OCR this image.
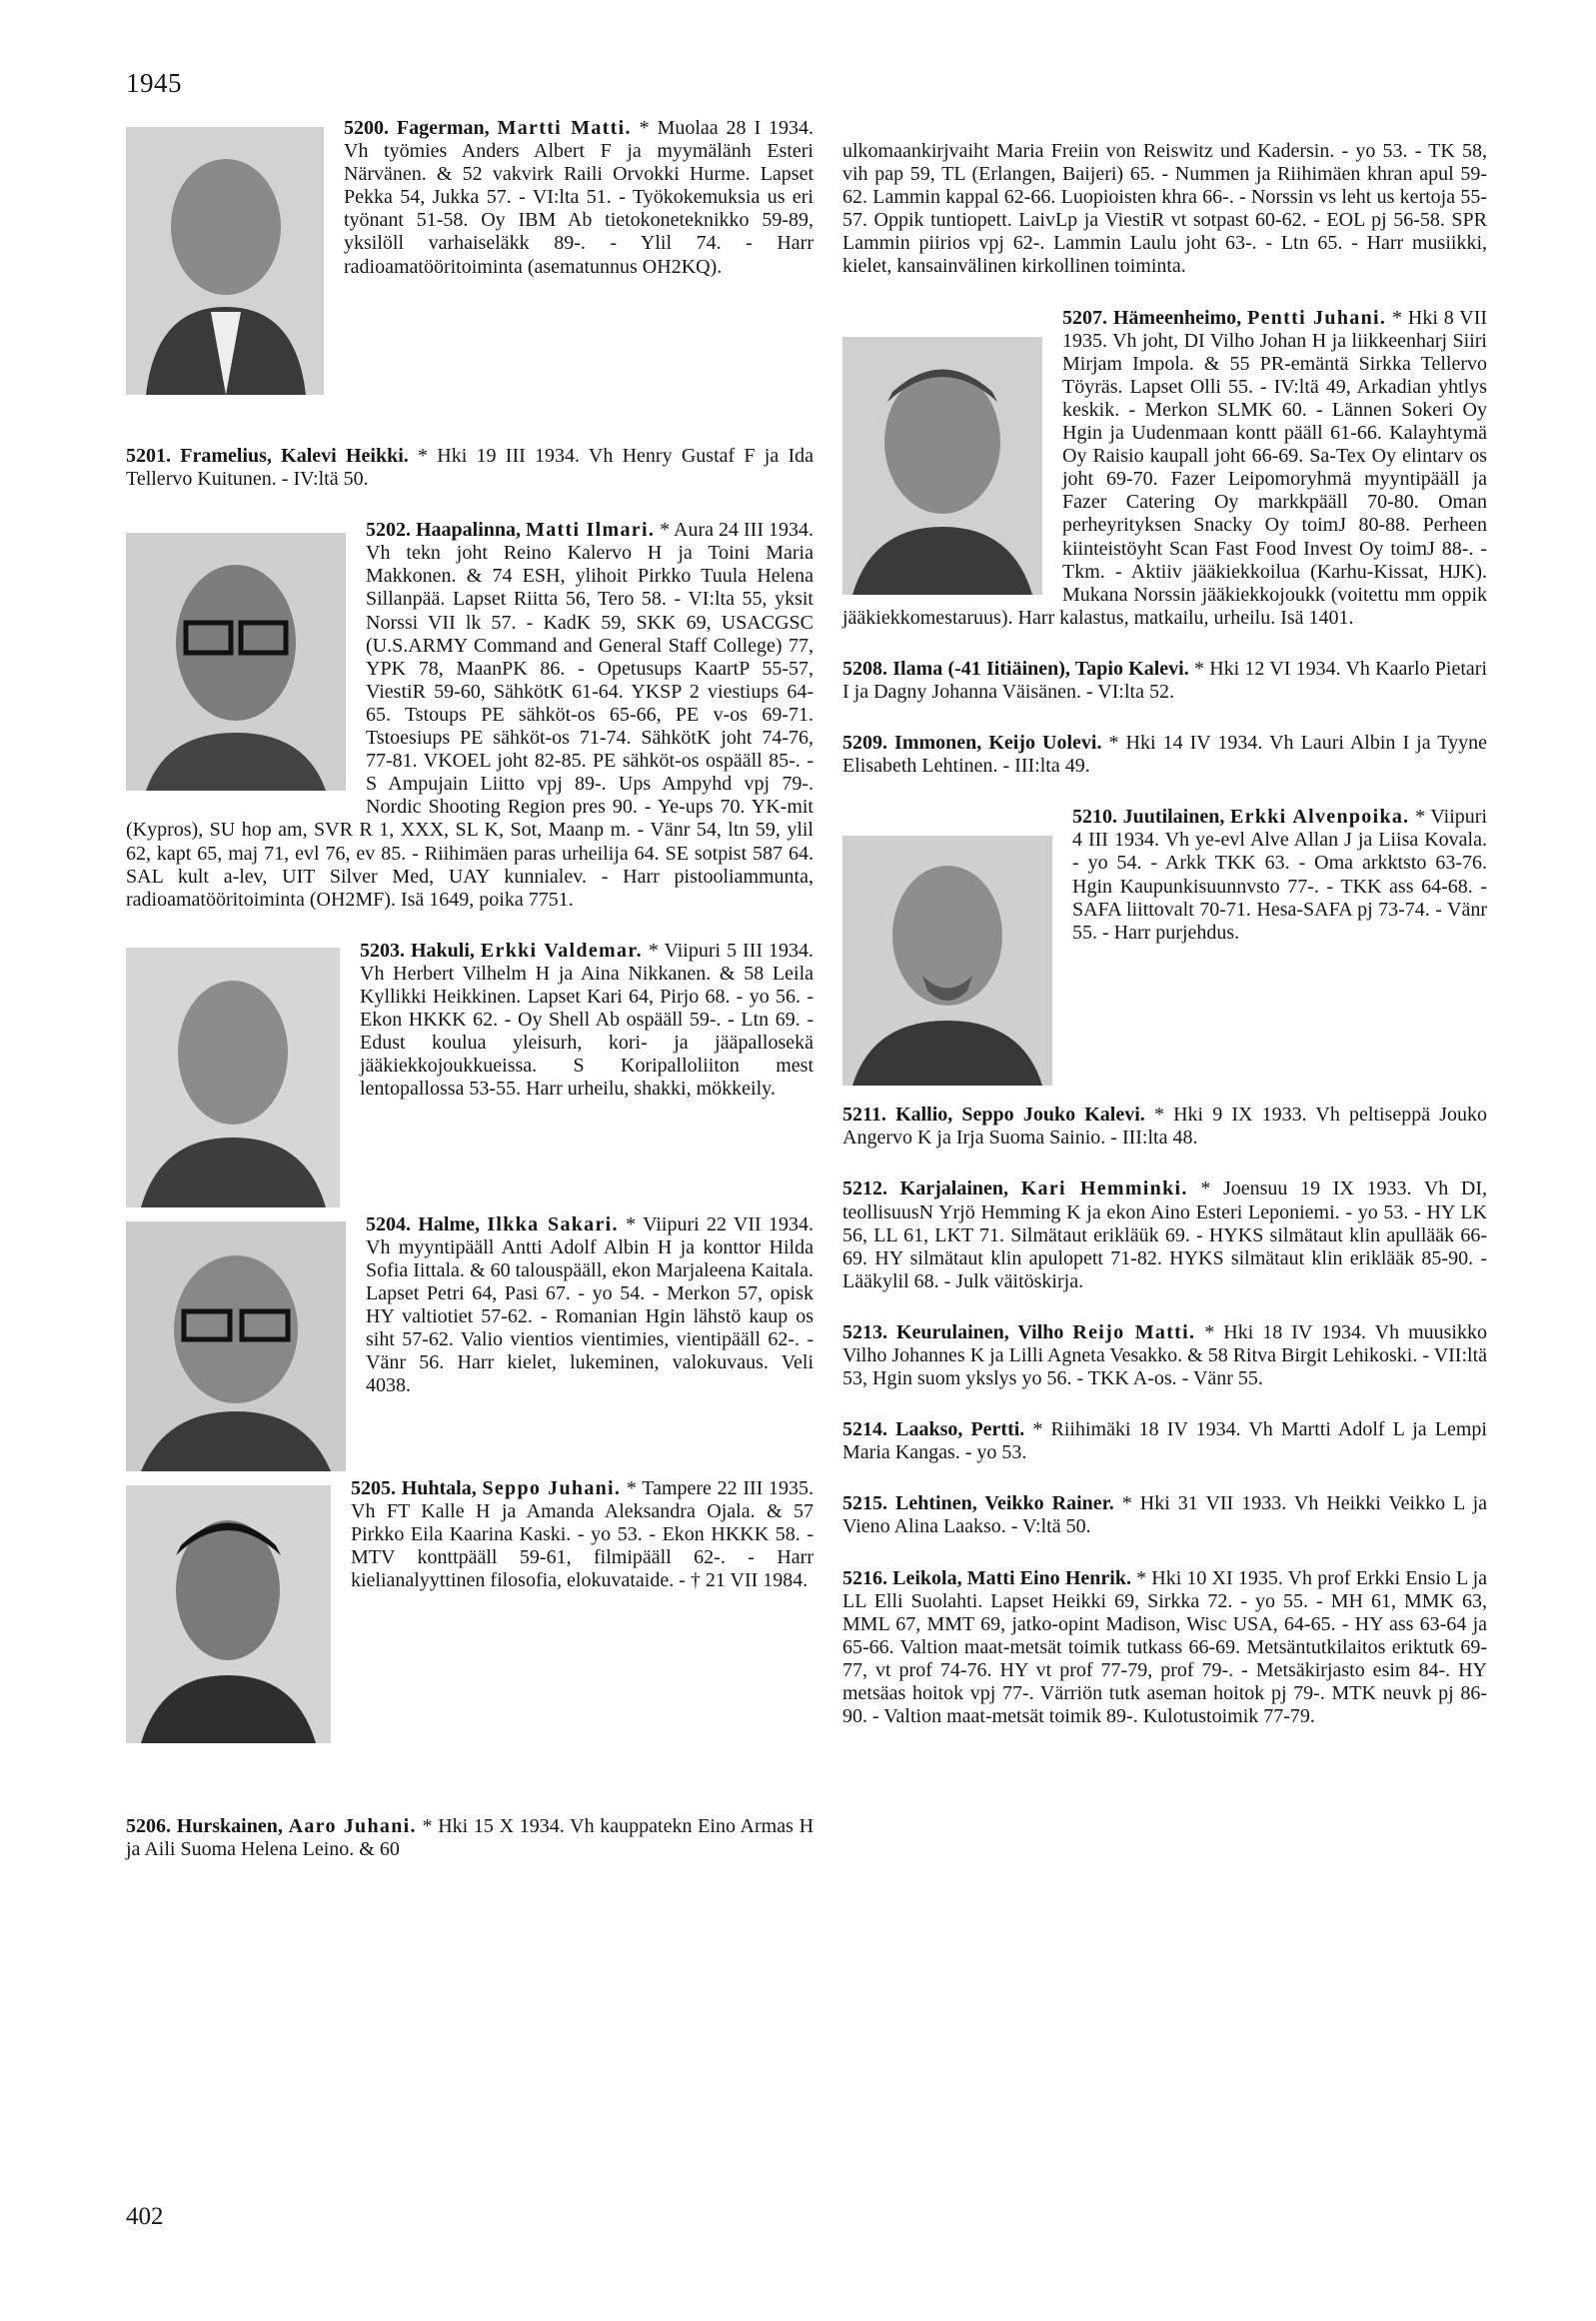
1945
5200. Fagerman, Martti Matti. * Muolaa 28 I 1934. Vh työmies Anders Albert F ja myymälänh Esteri Närvänen. & 52 vakvirk Raili Orvokki Hurme. Lapset Pekka 54, Jukka 57. - VI:lta 51. - Työkokemuksia us eri työnant 51-58. Oy IBM Ab tietokoneteknikko 59-89, yksilöll varhaiseläkk 89-. - Ylil 74. - Harr radioamatööritoiminta (asematunnus OH2KQ).
5201. Framelius, Kalevi Heikki. * Hki 19 III 1934. Vh Henry Gustaf F ja Ida Tellervo Kuitunen. - IV:ltä 50.
5202. Haapalinna, Matti Ilmari. * Aura 24 III 1934. Vh tekn joht Reino Kalervo H ja Toini Maria Makkonen. & 74 ESH, ylihoit Pirkko Tuula Helena Sillanpää. Lapset Riitta 56, Tero 58. - VI:lta 55, yksit Norssi VII lk 57. - KadK 59, SKK 69, USACGSC (U.S.ARMY Command and General Staff College) 77, YPK 78, MaanPK 86. - Opetusups KaartP 55-57, ViestiR 59-60, SähkötK 61-64. YKSP 2 viestiups 64-65. Tstoups PE sähköt-os 65-66, PE v-os 69-71. Tstoesiups PE sähköt-os 71-74. SähkötK joht 74-76, 77-81. VKOEL joht 82-85. PE sähköt-os ospääll 85-. - S Ampujain Liitto vpj 89-. Ups Ampyhd vpj 79-. Nordic Shooting Region pres 90. - Ye-ups 70. YK-mit (Kypros), SU hop am, SVR R 1, XXX, SL K, Sot, Maanp m. - Vänr 54, ltn 59, ylil 62, kapt 65, maj 71, evl 76, ev 85. - Riihimäen paras urheilija 64. SE sotpist 587 64. SAL kult a-lev, UIT Silver Med, UAY kunnialev. - Harr pistooliammunta, radioamatööritoiminta (OH2MF). Isä 1649, poika 7751.
5203. Hakuli, Erkki Valdemar. * Viipuri 5 III 1934. Vh Herbert Vilhelm H ja Aina Nikkanen. & 58 Leila Kyllikki Heikkinen. Lapset Kari 64, Pirjo 68. - yo 56. - Ekon HKKK 62. - Oy Shell Ab ospääll 59-. - Ltn 69. - Edust koulua yleisurh, kori- ja jääpallosekä jääkiekkojoukkueissa. S Koripalloliiton mest lentopallossa 53-55. Harr urheilu, shakki, mökkeily.
5204. Halme, Ilkka Sakari. * Viipuri 22 VII 1934. Vh myyntipääll Antti Adolf Albin H ja konttor Hilda Sofia Iittala. & 60 talouspääll, ekon Marjaleena Kaitala. Lapset Petri 64, Pasi 67. - yo 54. - Merkon 57, opisk HY valtiotiet 57-62. - Romanian Hgin lähstö kaup os siht 57-62. Valio vientios vientimies, vientipääll 62-. - Vänr 56. Harr kielet, lukeminen, valokuvaus. Veli 4038.
5205. Huhtala, Seppo Juhani. * Tampere 22 III 1935. Vh FT Kalle H ja Amanda Aleksandra Ojala. & 57 Pirkko Eila Kaarina Kaski. - yo 53. - Ekon HKKK 58. - MTV konttpääll 59-61, filmipääll 62-. - Harr kielianalyyttinen filosofia, elokuvataide. - † 21 VII 1984.
5206. Hurskainen, Aaro Juhani. * Hki 15 X 1934. Vh kauppatekn Eino Armas H ja Aili Suoma Helena Leino. & 60
ulkomaankirjvaiht Maria Freiin von Reiswitz und Kadersin. - yo 53. - TK 58, vih pap 59, TL (Erlangen, Baijeri) 65. - Nummen ja Riihimäen khran apul 59-62. Lammin kappal 62-66. Luopioisten khra 66-. - Norssin vs leht us kertoja 55-57. Oppik tuntiopett. LaivLp ja ViestiR vt sotpast 60-62. - EOL pj 56-58. SPR Lammin piirios vpj 62-. Lammin Laulu joht 63-. - Ltn 65. - Harr musiikki, kielet, kansainvälinen kirkollinen toiminta.
5207. Hämeenheimo, Pentti Juhani. * Hki 8 VII 1935. Vh joht, DI Vilho Johan H ja liikkeenharj Siiri Mirjam Impola. & 55 PR-emäntä Sirkka Tellervo Töyräs. Lapset Olli 55. - IV:ltä 49, Arkadian yhtlys keskik. - Merkon SLMK 60. - Lännen Sokeri Oy Hgin ja Uudenmaan kontt pääll 61-66. Kalayhtymä Oy Raisio kaupall joht 66-69. Sa-Tex Oy elintarv os joht 69-70. Fazer Leipomoryhmä myyntipääll ja Fazer Catering Oy markkpääll 70-80. Oman perheyrityksen Snacky Oy toimJ 80-88. Perheen kiinteistöyht Scan Fast Food Invest Oy toimJ 88-. - Tkm. - Aktiiv jääkiekkoilua (Karhu-Kissat, HJK). Mukana Norssin jääkiekkojoukk (voitettu mm oppik jääkiekkomestaruus). Harr kalastus, matkailu, urheilu. Isä 1401.
5208. Ilama (-41 Iitiäinen), Tapio Kalevi. * Hki 12 VI 1934. Vh Kaarlo Pietari I ja Dagny Johanna Väisänen. - VI:lta 52.
5209. Immonen, Keijo Uolevi. * Hki 14 IV 1934. Vh Lauri Albin I ja Tyyne Elisabeth Lehtinen. - III:lta 49.
5210. Juutilainen, Erkki Alvenpoika. * Viipuri 4 III 1934. Vh ye-evl Alve Allan J ja Liisa Kovala. - yo 54. - Arkk TKK 63. - Oma arkktsto 63-76. Hgin Kaupunkisuunnvsto 77-. - TKK ass 64-68. - SAFA liittovalt 70-71. Hesa-SAFA pj 73-74. - Vänr 55. - Harr purjehdus.
5211. Kallio, Seppo Jouko Kalevi. * Hki 9 IX 1933. Vh peltiseppä Jouko Angervo K ja Irja Suoma Sainio. - III:lta 48.
5212. Karjalainen, Kari Hemminki. * Joensuu 19 IX 1933. Vh DI, teollisuusN Yrjö Hemming K ja ekon Aino Esteri Leponiemi. - yo 53. - HY LK 56, LL 61, LKT 71. Silmätaut erikläük 69. - HYKS silmätaut klin apullääk 66-69. HY silmätaut klin apulopett 71-82. HYKS silmätaut klin eriklääk 85-90. - Lääkylil 68. - Julk väitöskirja.
5213. Keurulainen, Vilho Reijo Matti. * Hki 18 IV 1934. Vh muusikko Vilho Johannes K ja Lilli Agneta Vesakko. & 58 Ritva Birgit Lehikoski. - VII:ltä 53, Hgin suom ykslys yo 56. - TKK A-os. - Vänr 55.
5214. Laakso, Pertti. * Riihimäki 18 IV 1934. Vh Martti Adolf L ja Lempi Maria Kangas. - yo 53.
5215. Lehtinen, Veikko Rainer. * Hki 31 VII 1933. Vh Heikki Veikko L ja Vieno Alina Laakso. - V:ltä 50.
5216. Leikola, Matti Eino Henrik. * Hki 10 XI 1935. Vh prof Erkki Ensio L ja LL Elli Suolahti. Lapset Heikki 69, Sirkka 72. - yo 55. - MH 61, MMK 63, MML 67, MMT 69, jatko-opint Madison, Wisc USA, 64-65. - HY ass 63-64 ja 65-66. Valtion maat-metsät toimik tutkass 66-69. Metsäntutkilaitos eriktutk 69-77, vt prof 74-76. HY vt prof 77-79, prof 79-. - Metsäkirjasto esim 84-. HY metsäas hoitok vpj 77-. Värriön tutk aseman hoitok pj 79-. MTK neuvk pj 86-90. - Valtion maat-metsät toimik 89-. Kulotustoimik 77-79.
402
